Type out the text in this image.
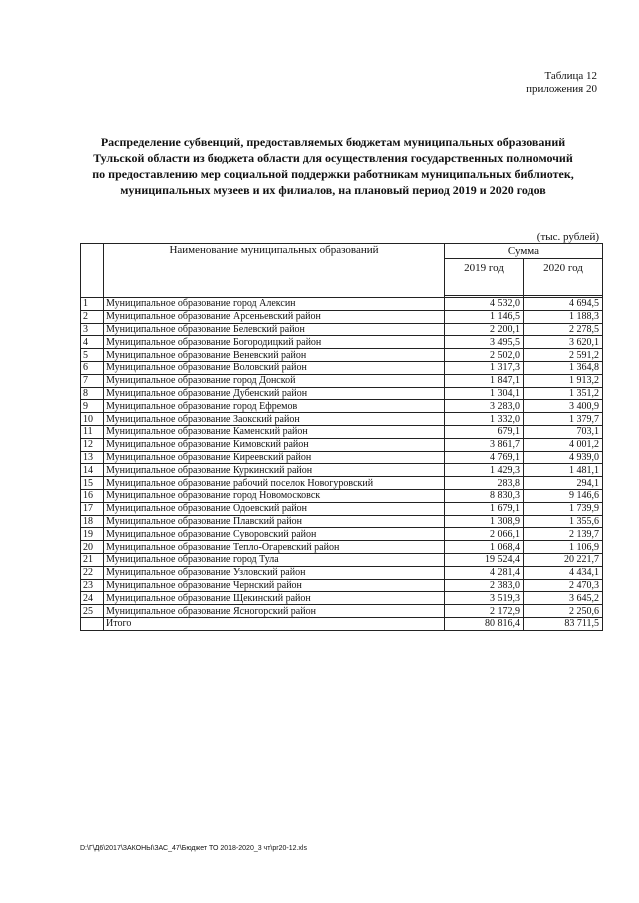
Таблица 12
приложения 20
Распределение субвенций, предоставляемых бюджетам муниципальных образований
Тульской области из бюджета области для осуществления государственных полномочий
по предоставлению мер социальной поддержки работникам муниципальных библиотек,
муниципальных музеев и их филиалов, на плановый период 2019 и 2020 годов
(тыс. рублей)
	Наименование муниципальных образований	Сумма	
		2019 год	2020 год

1	Муниципальное образование город Алексин	4 532,0	4 694,5
2	Муниципальное образование Арсеньевский район	1 146,5	1 188,3
3	Муниципальное образование Белевский район	2 200,1	2 278,5
4	Муниципальное образование Богородицкий район	3 495,5	3 620,1
5	Муниципальное образование Веневский район	2 502,0	2 591,2
6	Муниципальное образование Воловский район	1 317,3	1 364,8
7	Муниципальное образование город Донской	1 847,1	1 913,2
8	Муниципальное образование Дубенский район	1 304,1	1 351,2
9	Муниципальное образование город Ефремов	3 283,0	3 400,9
10	Муниципальное образование Заокский район	1 332,0	1 379,7
11	Муниципальное образование Каменский район	679,1	703,1
12	Муниципальное образование Кимовский район	3 861,7	4 001,2
13	Муниципальное образование Киреевский район	4 769,1	4 939,0
14	Муниципальное образование Куркинский район	1 429,3	1 481,1
15	Муниципальное образование рабочий поселок Новогуровский	283,8	294,1
16	Муниципальное образование город Новомосковск	8 830,3	9 146,6
17	Муниципальное образование Одоевский район	1 679,1	1 739,9
18	Муниципальное образование Плавский район	1 308,9	1 355,6
19	Муниципальное образование Суворовский район	2 066,1	2 139,7
20	Муниципальное образование Тепло-Огаревский район	1 068,4	1 106,9
21	Муниципальное образование город Тула	19 524,4	20 221,7
22	Муниципальное образование Узловский район	4 281,4	4 434,1
23	Муниципальное образование Чернский район	2 383,0	2 470,3
24	Муниципальное образование Щекинский район	3 519,3	3 645,2
25	Муниципальное образование Ясногорский район	2 172,9	2 250,6
	Итого	80 816,4	83 711,5
D:\Г\Д6\2017\ЗАКОНЫ\ЗАС_47\Бюджет ТО 2018-2020_3 чт\pr20-12.xls
